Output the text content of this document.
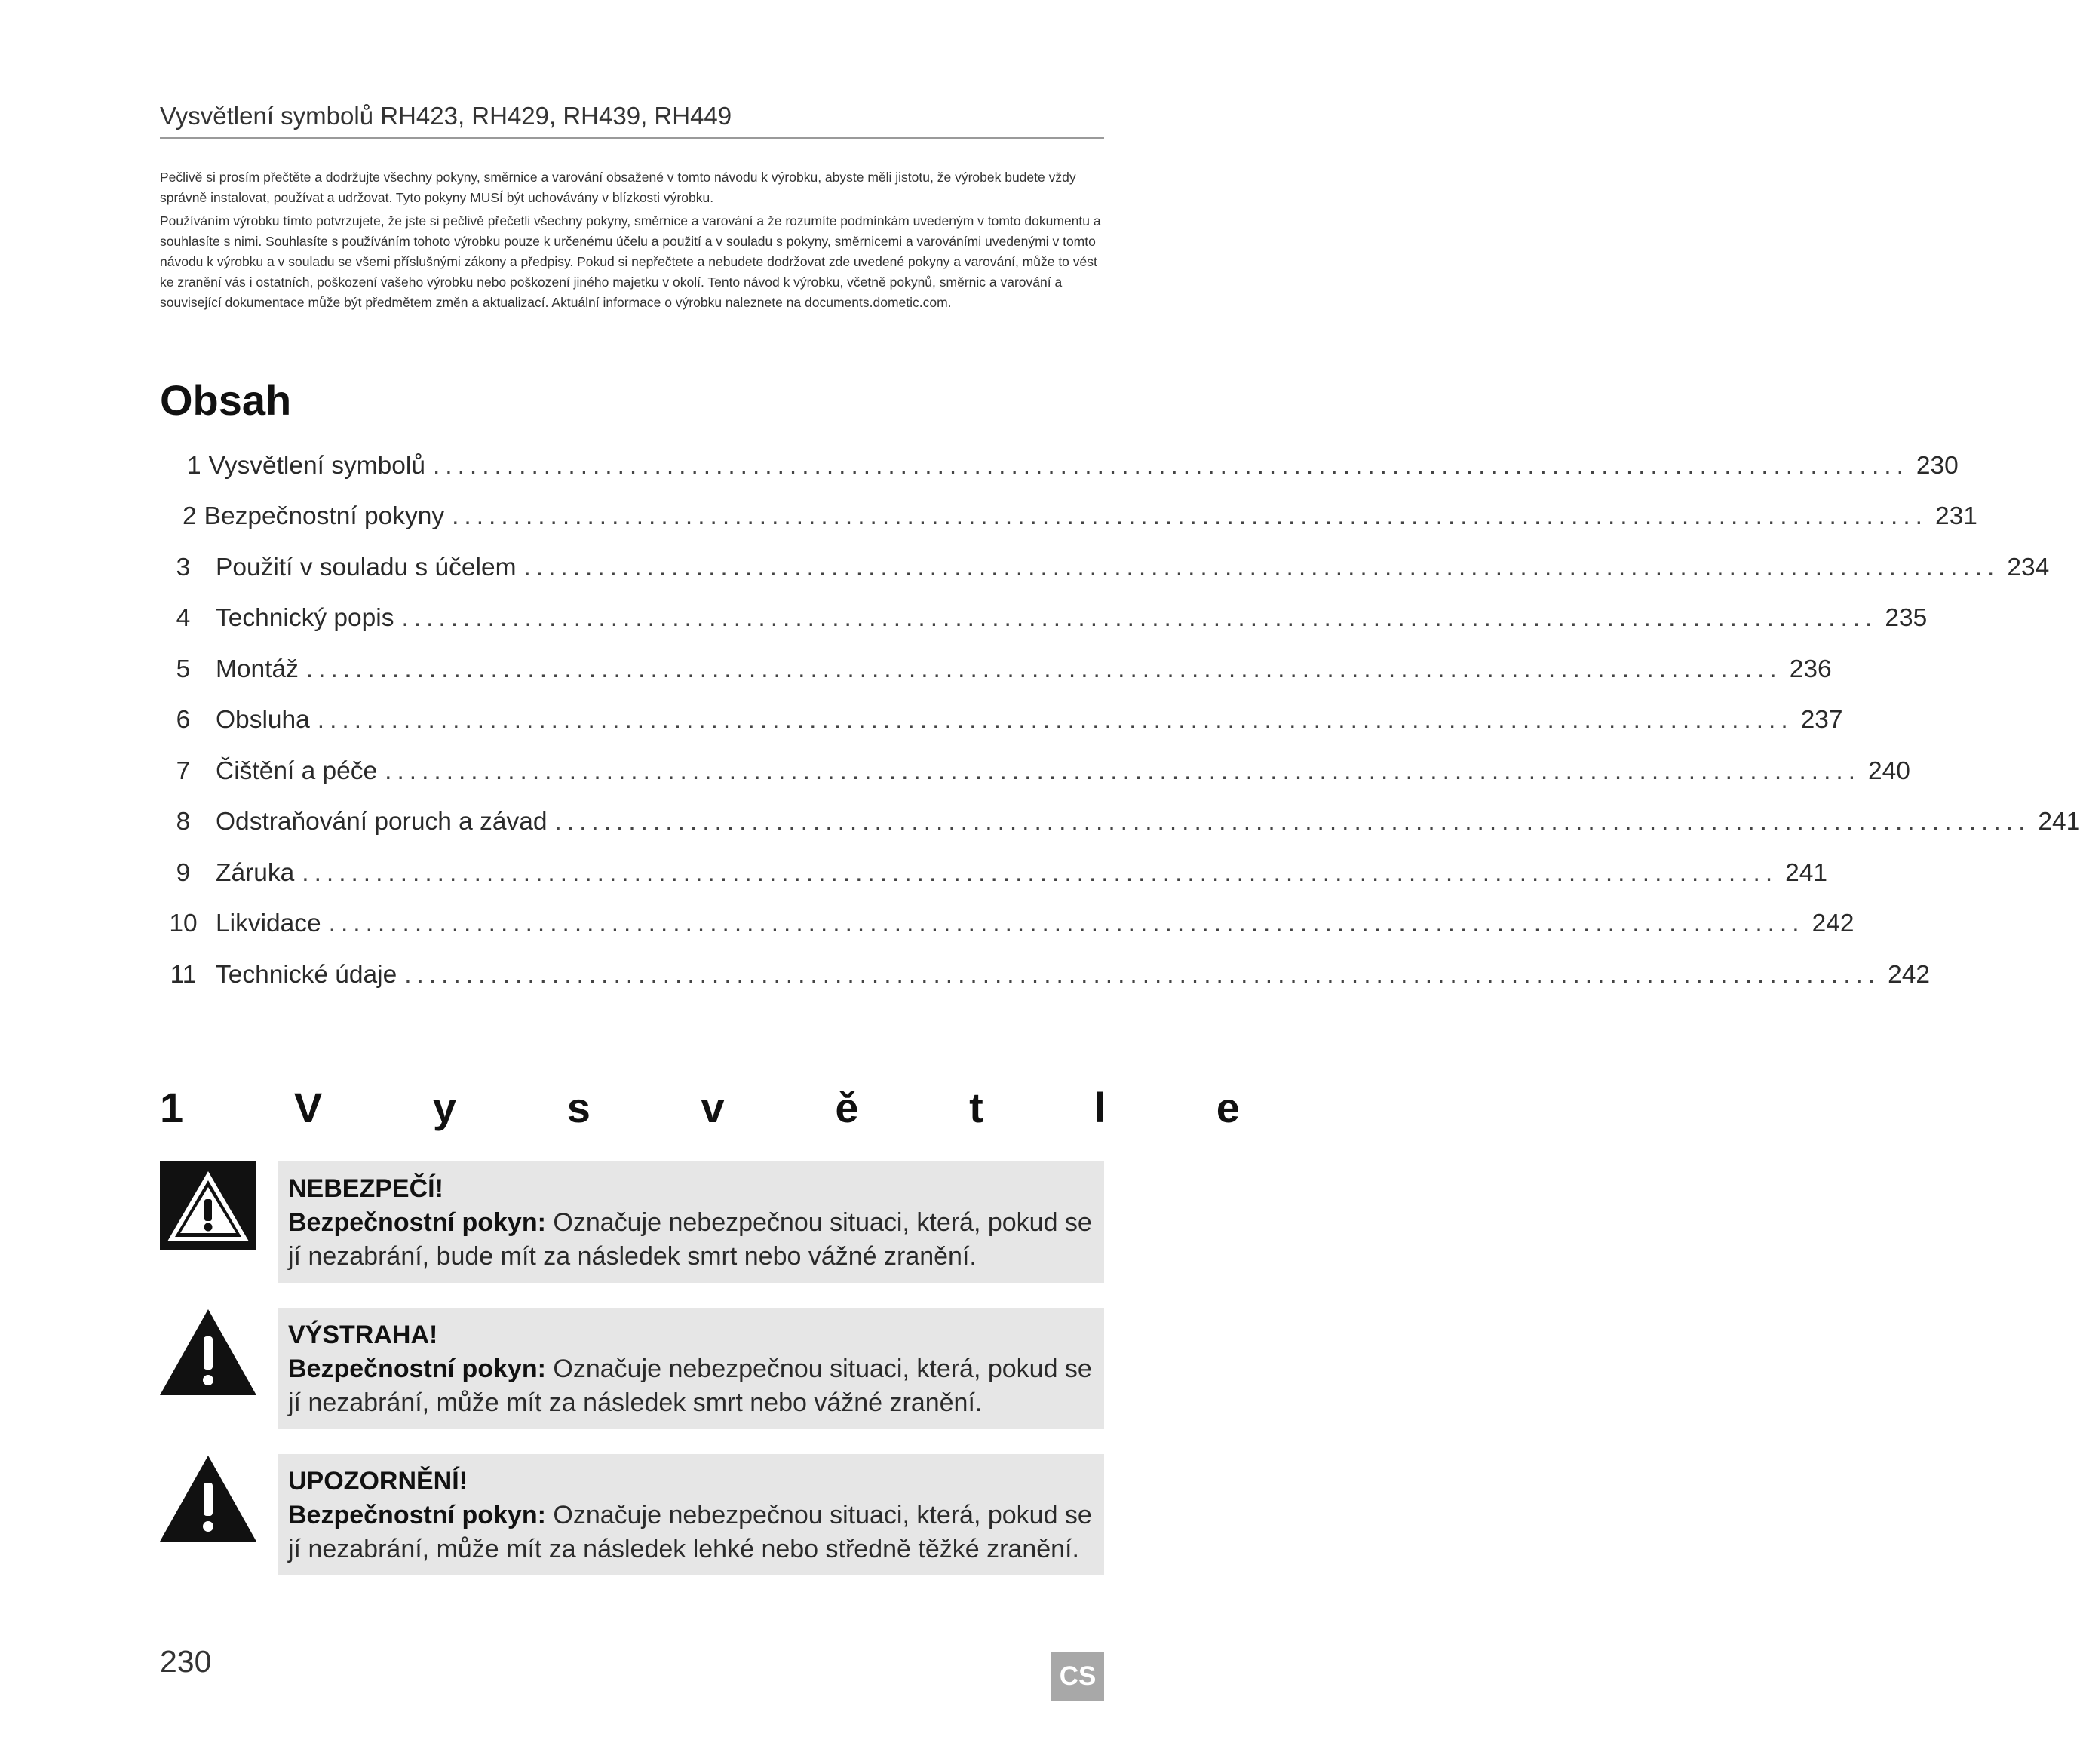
Vysvětlení symbolů RH423, RH429, RH439, RH449

Pečlivě si prosím přečtěte a dodržujte všechny pokyny, směrnice a varování obsažené v tomto návodu k výrobku, abyste měli jistotu, že výrobek budete vždy správně instalovat, používat a udržovat. Tyto pokyny MUSÍ být uchovávány v blízkosti výrobku.

Používáním výrobku tímto potvrzujete, že jste si pečlivě přečetli všechny pokyny, směrnice a varování a že rozumíte podmínkám uvedeným v tomto dokumentu a souhlasíte s nimi. Souhlasíte s používáním tohoto výrobku pouze k určenému účelu a použití a v souladu s pokyny, směrnicemi a varováními uvedenými v tomto návodu k výrobku a v souladu se všemi příslušnými zákony a předpisy. Pokud si nepřečtete a nebudete dodržovat zde uvedené pokyny a varování, může to vést ke zranění vás i ostatních, poškození vašeho výrobku nebo poškození jiného majetku v okolí. Tento návod k výrobku, včetně pokynů, směrnic a varování a související dokumentace může být předmětem změn a aktualizací. Aktuální informace o výrobku naleznete na documents.dometic.com.

Obsah
1 Vysvětlení symbolů ........................................................................................................................ 230
2 Bezpečnostní pokyny ........................................................................................................................ 231
3	Použití v souladu s účelem ........................................................................................................................ 234
4	Technický popis ........................................................................................................................ 235
5	Montáž ........................................................................................................................ 236
6	Obsluha ........................................................................................................................ 237
7	Čištění a péče ........................................................................................................................ 240
8	Odstraňování poruch a závad ........................................................................................................................ 241
9	Záruka ........................................................................................................................ 241
10 Likvidace ........................................................................................................................ 242
11 Technické údaje ........................................................................................................................ 242
1	V	y	s	v	ě	t	l	e
NEBEZPEČÍ!
Bezpečnostní pokyn: Označuje nebezpečnou situaci, která, pokud se jí nezabrání, bude mít za následek smrt nebo vážné zranění.
VÝSTRAHA!
Bezpečnostní pokyn: Označuje nebezpečnou situaci, která, pokud se jí nezabrání, může mít za následek smrt nebo vážné zranění.
UPOZORNĚNÍ!
Bezpečnostní pokyn: Označuje nebezpečnou situaci, která, pokud se jí nezabrání, může mít za následek lehké nebo středně těžké zranění.
230	CS
